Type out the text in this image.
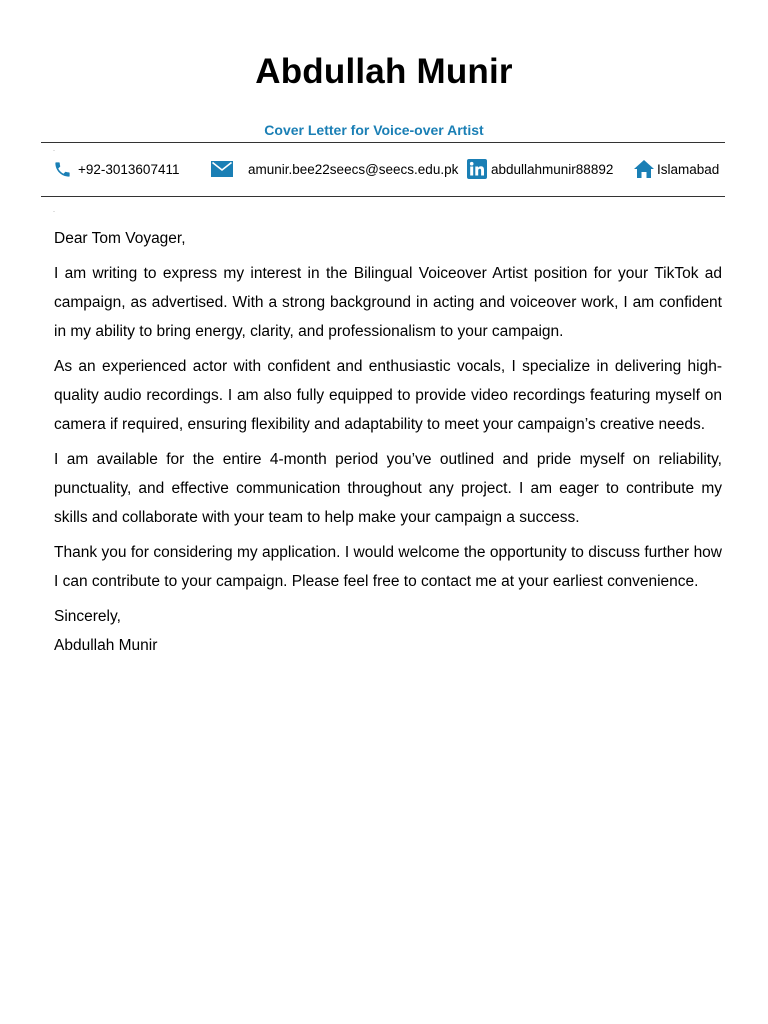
Abdullah Munir
Cover Letter for Voice-over Artist
·
+92-3013607411	amunir.bee22seecs@seecs.edu.pk abdullahmunir88892	Islamabad
·

Dear Tom Voyager,

I am writing to express my interest in the Bilingual Voiceover Artist position for your TikTok ad campaign, as advertised. With a strong background in acting and voiceover work, I am confident in my ability to bring energy, clarity, and professionalism to your campaign.

As an experienced actor with confident and enthusiastic vocals, I specialize in delivering high-quality audio recordings. I am also fully equipped to provide video recordings featuring myself on camera if required, ensuring flexibility and adaptability to meet your campaign’s creative needs.

I am available for the entire 4-month period you’ve outlined and pride myself on reliability, punctuality, and effective communication throughout any project. I am eager to contribute my skills and collaborate with your team to help make your campaign a success.

Thank you for considering my application. I would welcome the opportunity to discuss further how I can contribute to your campaign. Please feel free to contact me at your earliest convenience.

Sincerely,
Abdullah Munir
